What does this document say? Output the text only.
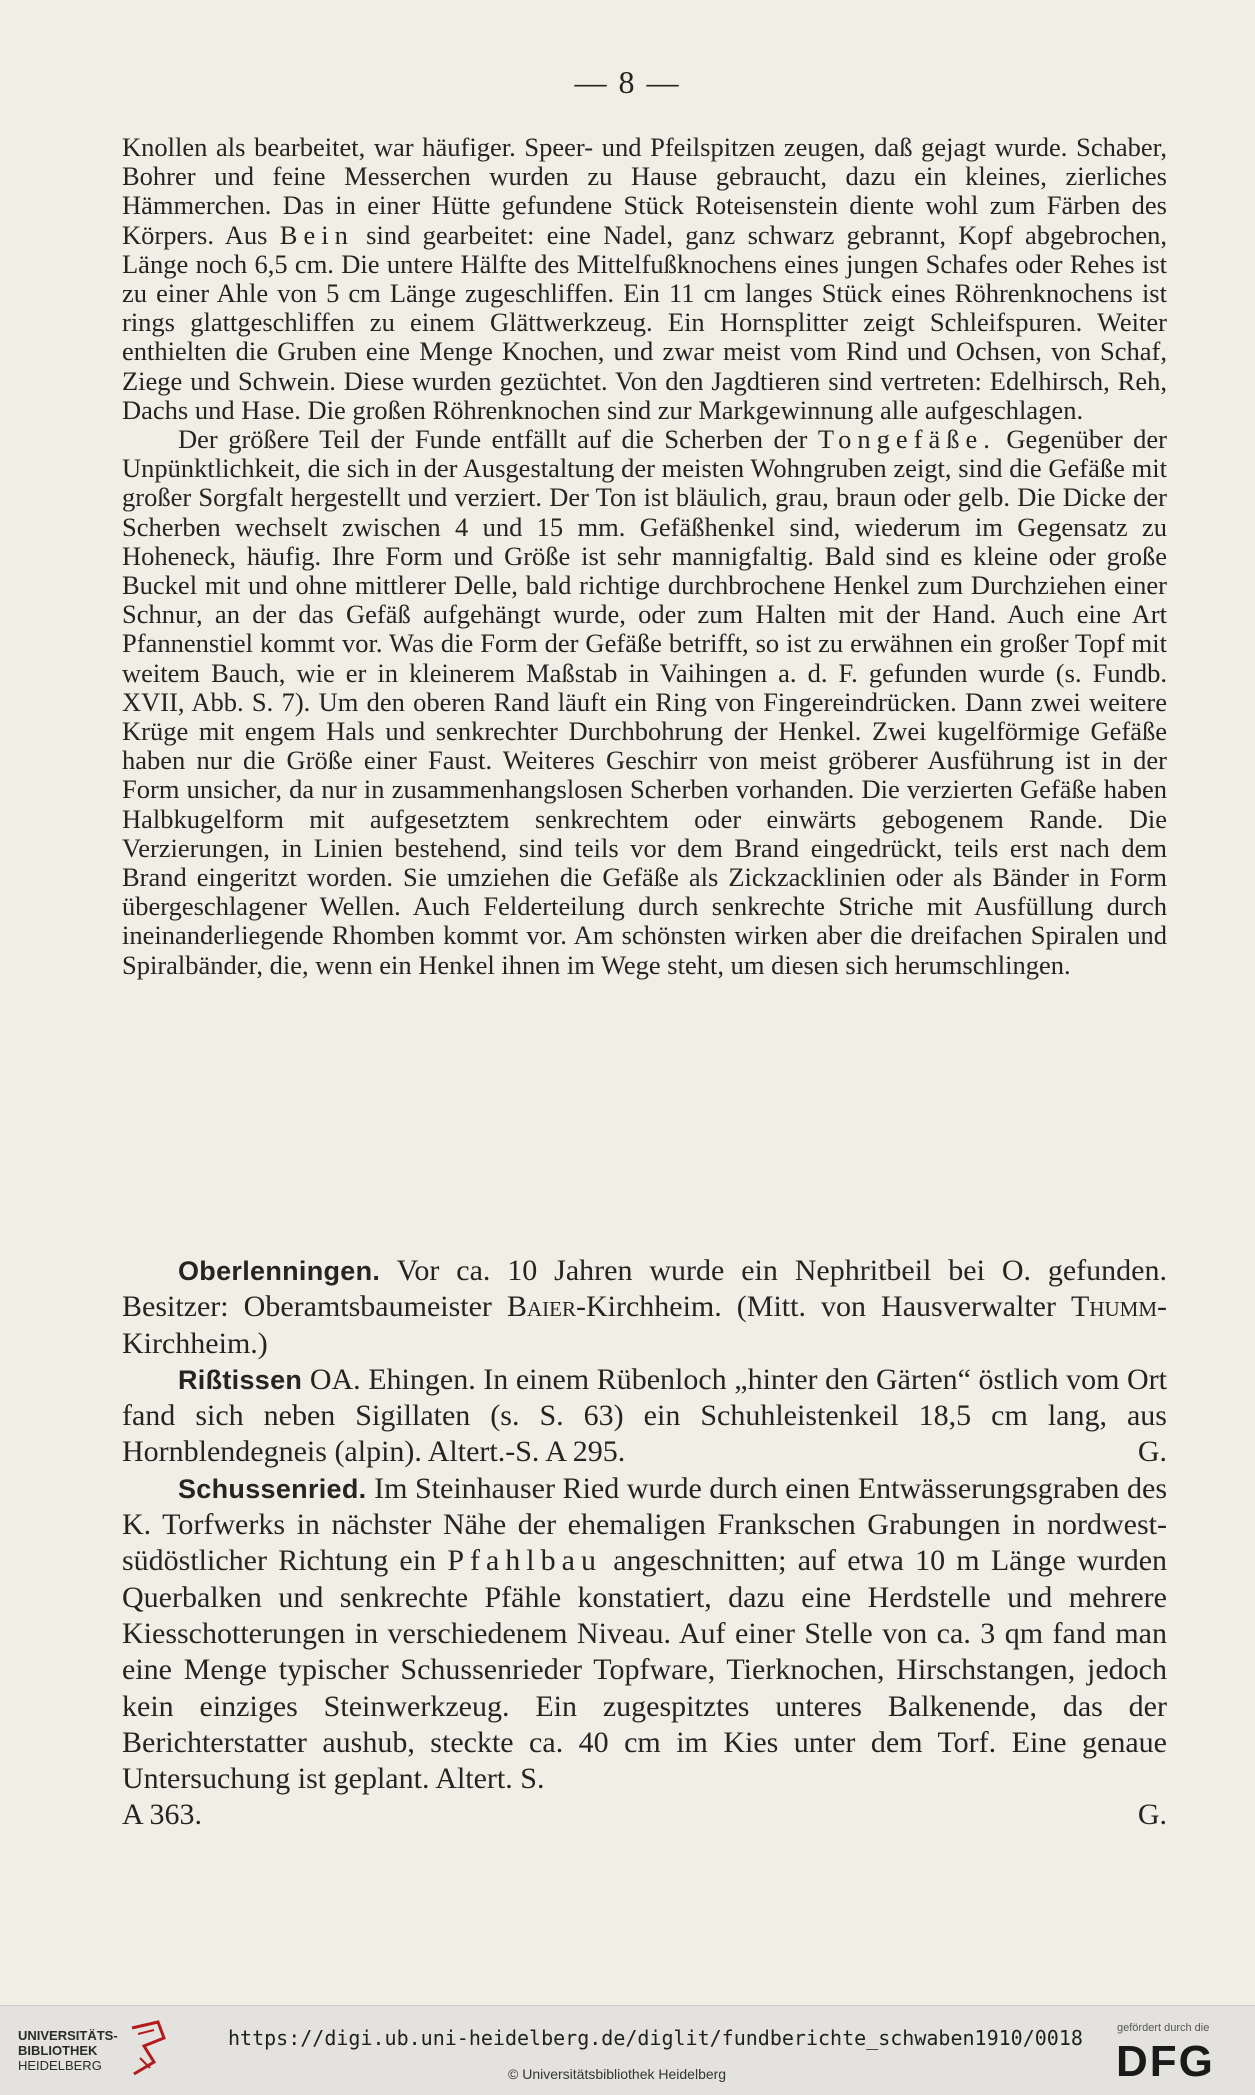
— 8 —

Knollen als bearbeitet, war häufiger. Speer- und Pfeilspitzen zeugen, daß gejagt wurde. Schaber, Bohrer und feine Messerchen wurden zu Hause gebraucht, dazu ein kleines, zierliches Hämmerchen. Das in einer Hütte gefundene Stück Roteisenstein diente wohl zum Färben des Körpers. Aus Bein sind gearbeitet: eine Nadel, ganz schwarz gebrannt, Kopf abgebrochen, Länge noch 6,5 cm. Die untere Hälfte des Mittelfußknochens eines jungen Schafes oder Rehes ist zu einer Ahle von 5 cm Länge zugeschliffen. Ein 11 cm langes Stück eines Röhrenknochens ist rings glattgeschliffen zu einem Glättwerkzeug. Ein Hornsplitter zeigt Schleifspuren. Weiter enthielten die Gruben eine Menge Knochen, und zwar meist vom Rind und Ochsen, von Schaf, Ziege und Schwein. Diese wurden gezüchtet. Von den Jagdtieren sind vertreten: Edelhirsch, Reh, Dachs und Hase. Die großen Röhrenknochen sind zur Markgewinnung alle aufgeschlagen.

Der größere Teil der Funde entfällt auf die Scherben der Tongefäße. Gegenüber der Unpünktlichkeit, die sich in der Ausgestaltung der meisten Wohngruben zeigt, sind die Gefäße mit großer Sorgfalt hergestellt und verziert. Der Ton ist bläulich, grau, braun oder gelb. Die Dicke der Scherben wechselt zwischen 4 und 15 mm. Gefäßhenkel sind, wiederum im Gegensatz zu Hoheneck, häufig. Ihre Form und Größe ist sehr mannigfaltig. Bald sind es kleine oder große Buckel mit und ohne mittlerer Delle, bald richtige durchbrochene Henkel zum Durchziehen einer Schnur, an der das Gefäß aufgehängt wurde, oder zum Halten mit der Hand. Auch eine Art Pfannenstiel kommt vor. Was die Form der Gefäße betrifft, so ist zu erwähnen ein großer Topf mit weitem Bauch, wie er in kleinerem Maßstab in Vaihingen a. d. F. gefunden wurde (s. Fundb. XVII, Abb. S. 7). Um den oberen Rand läuft ein Ring von Fingereindrücken. Dann zwei weitere Krüge mit engem Hals und senkrechter Durchbohrung der Henkel. Zwei kugelförmige Gefäße haben nur die Größe einer Faust. Weiteres Geschirr von meist gröberer Ausführung ist in der Form unsicher, da nur in zusammenhangslosen Scherben vorhanden. Die verzierten Gefäße haben Halbkugelform mit aufgesetztem senkrechtem oder einwärts gebogenem Rande. Die Verzierungen, in Linien bestehend, sind teils vor dem Brand eingedrückt, teils erst nach dem Brand eingeritzt worden. Sie umziehen die Gefäße als Zickzacklinien oder als Bänder in Form übergeschlagener Wellen. Auch Felderteilung durch senkrechte Striche mit Ausfüllung durch ineinanderliegende Rhomben kommt vor. Am schönsten wirken aber die dreifachen Spiralen und Spiralbänder, die, wenn ein Henkel ihnen im Wege steht, um diesen sich herumschlingen.

Oberlenningen. Vor ca. 10 Jahren wurde ein Nephritbeil bei O. gefunden. Besitzer: Oberamtsbaumeister Baier-Kirchheim. (Mitt. von Hausverwalter Thumm-Kirchheim.)

Rißtissen OA. Ehingen. In einem Rübenloch „hinter den Gärten“ östlich vom Ort fand sich neben Sigillaten (s. S. 63) ein Schuhleistenkeil 18,5 cm lang, aus Hornblendegneis (alpin). Altert.-S. A 295.	G.

Schussenried. Im Steinhauser Ried wurde durch einen Entwässerungsgraben des K. Torfwerks in nächster Nähe der ehemaligen Frankschen Grabungen in nordwest-südöstlicher Richtung ein Pfahlbau angeschnitten; auf etwa 10 m Länge wurden Querbalken und senkrechte Pfähle konstatiert, dazu eine Herdstelle und mehrere Kiesschotterungen in verschiedenem Niveau. Auf einer Stelle von ca. 3 qm fand man eine Menge typischer Schussenrieder Topfware, Tierknochen, Hirschstangen, jedoch kein einziges Steinwerkzeug. Ein zugespitztes unteres Balkenende, das der Berichterstatter aushub, steckte ca. 40 cm im Kies unter dem Torf. Eine genaue Untersuchung ist geplant. Altert. S.

A 363.	G.
UNIVERSITÄTS-
BIBLIOTHEK
HEIDELBERG
https://digi.ub.uni-heidelberg.de/diglit/fundberichte_schwaben1910/0018
© Universitätsbibliothek Heidelberg
gefördert durch die
DFG
